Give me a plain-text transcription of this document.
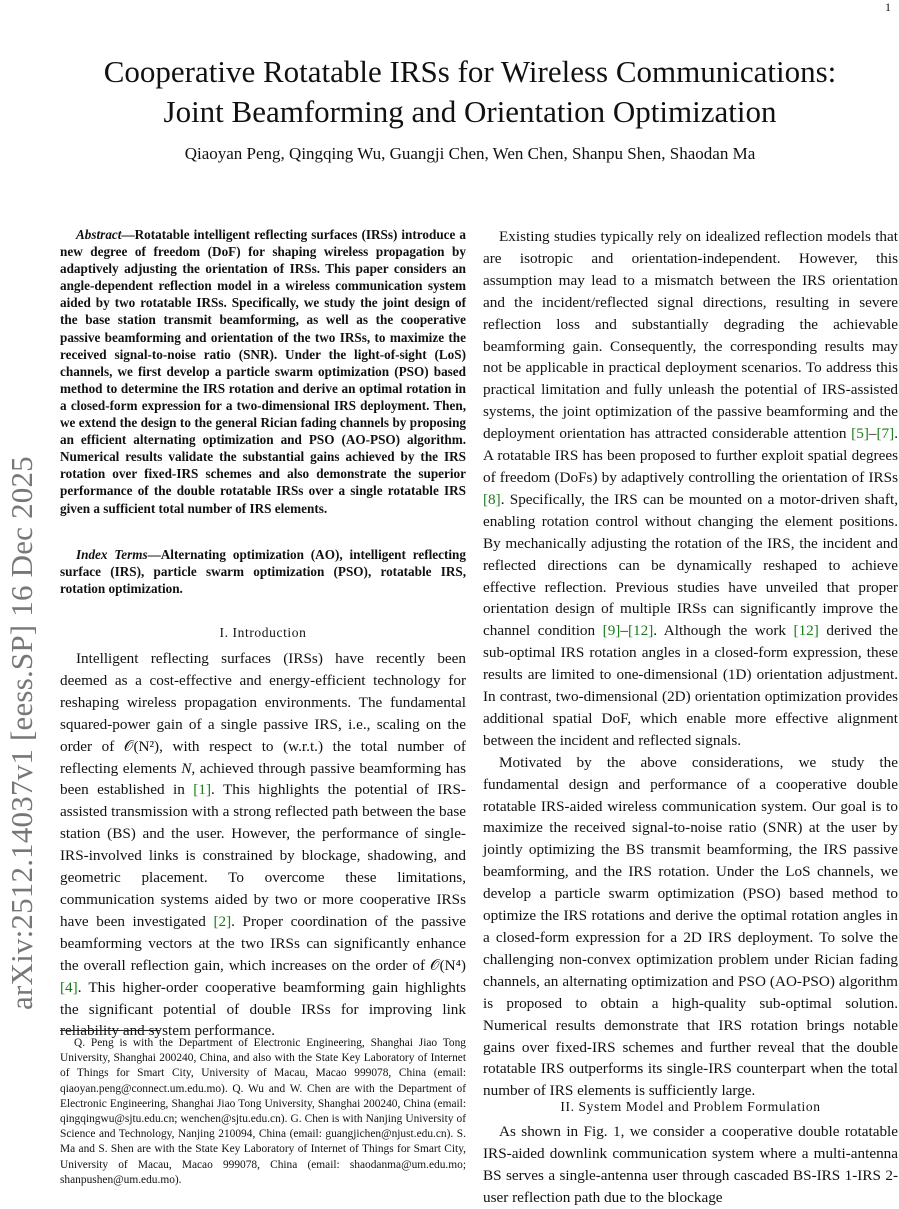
1
arXiv:2512.14037v1 [eess.SP] 16 Dec 2025
Cooperative Rotatable IRSs for Wireless Communications:
Joint Beamforming and Orientation Optimization
Qiaoyan Peng, Qingqing Wu, Guangji Chen, Wen Chen, Shanpu Shen, Shaodan Ma

Abstract—Rotatable intelligent reflecting surfaces (IRSs) introduce a new degree of freedom (DoF) for shaping wireless propagation by adaptively adjusting the orientation of IRSs. This paper considers an angle-dependent reflection model in a wireless communication system aided by two rotatable IRSs. Specifically, we study the joint design of the base station transmit beamforming, as well as the cooperative passive beamforming and orientation of the two IRSs, to maximize the received signal-to-noise ratio (SNR). Under the light-of-sight (LoS) channels, we first develop a particle swarm optimization (PSO) based method to determine the IRS rotation and derive an optimal rotation in a closed-form expression for a two-dimensional IRS deployment. Then, we extend the design to the general Rician fading channels by proposing an efficient alternating optimization and PSO (AO-PSO) algorithm. Numerical results validate the substantial gains achieved by the IRS rotation over fixed-IRS schemes and also demonstrate the superior performance of the double rotatable IRSs over a single rotatable IRS given a sufficient total number of IRS elements.

Index Terms—Alternating optimization (AO), intelligent reflecting surface (IRS), particle swarm optimization (PSO), rotatable IRS, rotation optimization.

I. Introduction

Intelligent reflecting surfaces (IRSs) have recently been deemed as a cost-effective and energy-efficient technology for reshaping wireless propagation environments. The fundamental squared-power gain of a single passive IRS, i.e., scaling on the order of 𝒪(N²), with respect to (w.r.t.) the total number of reflecting elements N, achieved through passive beamforming has been established in [1]. This highlights the potential of IRS-assisted transmission with a strong reflected path between the base station (BS) and the user. However, the performance of single-IRS-involved links is constrained by blockage, shadowing, and geometric placement. To overcome these limitations, communication systems aided by two or more cooperative IRSs have been investigated [2]. Proper coordination of the passive beamforming vectors at the two IRSs can significantly enhance the overall reflection gain, which increases on the order of 𝒪(N⁴) [4]. This higher-order cooperative beamforming gain highlights the significant potential of double IRSs for improving link reliability and system performance.

Q. Peng is with the Department of Electronic Engineering, Shanghai Jiao Tong University, Shanghai 200240, China, and also with the State Key Laboratory of Internet of Things for Smart City, University of Macau, Macao 999078, China (email: qiaoyan.peng@connect.um.edu.mo). Q. Wu and W. Chen are with the Department of Electronic Engineering, Shanghai Jiao Tong University, Shanghai 200240, China (email: qingqingwu@sjtu.edu.cn; wenchen@sjtu.edu.cn). G. Chen is with Nanjing University of Science and Technology, Nanjing 210094, China (email: guangjichen@njust.edu.cn). S. Ma and S. Shen are with the State Key Laboratory of Internet of Things for Smart City, University of Macau, Macao 999078, China (email: shaodanma@um.edu.mo; shanpushen@um.edu.mo).

Existing studies typically rely on idealized reflection models that are isotropic and orientation-independent. However, this assumption may lead to a mismatch between the IRS orientation and the incident/reflected signal directions, resulting in severe reflection loss and substantially degrading the achievable beamforming gain. Consequently, the corresponding results may not be applicable in practical deployment scenarios. To address this practical limitation and fully unleash the potential of IRS-assisted systems, the joint optimization of the passive beamforming and the deployment orientation has attracted considerable attention [5]–[7]. A rotatable IRS has been proposed to further exploit spatial degrees of freedom (DoFs) by adaptively controlling the orientation of IRSs [8]. Specifically, the IRS can be mounted on a motor-driven shaft, enabling rotation control without changing the element positions. By mechanically adjusting the rotation of the IRS, the incident and reflected directions can be dynamically reshaped to achieve effective reflection. Previous studies have unveiled that proper orientation design of multiple IRSs can significantly improve the channel condition [9]–[12]. Although the work [12] derived the sub-optimal IRS rotation angles in a closed-form expression, these results are limited to one-dimensional (1D) orientation adjustment. In contrast, two-dimensional (2D) orientation optimization provides additional spatial DoF, which enable more effective alignment between the incident and reflected signals.

Motivated by the above considerations, we study the fundamental design and performance of a cooperative double rotatable IRS-aided wireless communication system. Our goal is to maximize the received signal-to-noise ratio (SNR) at the user by jointly optimizing the BS transmit beamforming, the IRS passive beamforming, and the IRS rotation. Under the LoS channels, we develop a particle swarm optimization (PSO) based method to optimize the IRS rotations and derive the optimal rotation angles in a closed-form expression for a 2D IRS deployment. To solve the challenging non-convex optimization problem under Rician fading channels, an alternating optimization and PSO (AO-PSO) algorithm is proposed to obtain a high-quality sub-optimal solution. Numerical results demonstrate that IRS rotation brings notable gains over fixed-IRS schemes and further reveal that the double rotatable IRS outperforms its single-IRS counterpart when the total number of IRS elements is sufficiently large.

II. System Model and Problem Formulation

As shown in Fig. 1, we consider a cooperative double rotatable IRS-aided downlink communication system where a multi-antenna BS serves a single-antenna user through cascaded BS-IRS 1-IRS 2-user reflection path due to the blockage
